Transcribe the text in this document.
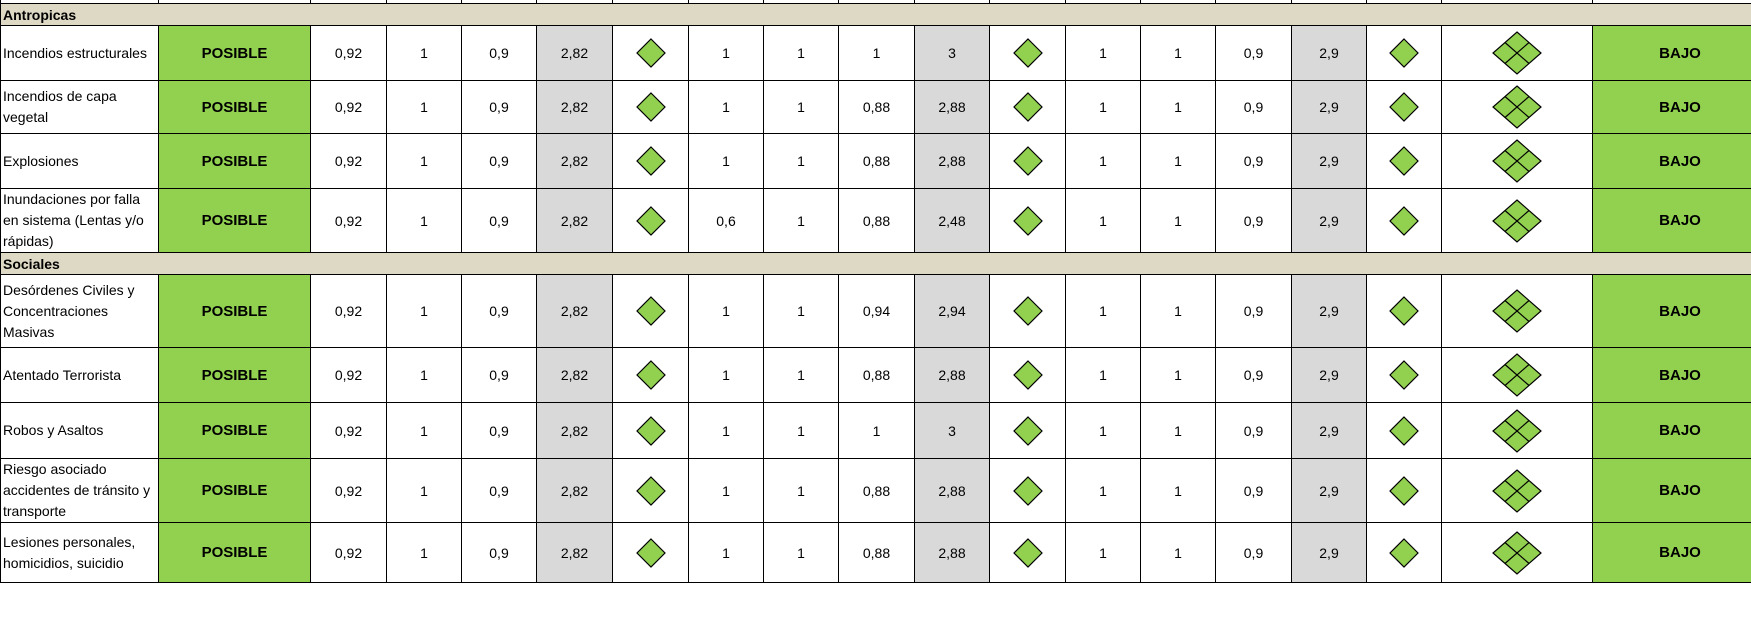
Antropicas																		
Incendios estructurales	POSIBLE	0,92	1	0,9	2,82		1	1	1	3		1	1	0,9	2,9			BAJO
Incendios de capa vegetal	POSIBLE	0,92	1	0,9	2,82		1	1	0,88	2,88		1	1	0,9	2,9			BAJO
Explosiones	POSIBLE	0,92	1	0,9	2,82		1	1	0,88	2,88		1	1	0,9	2,9			BAJO
Inundaciones por falla en sistema (Lentas y/o rápidas)	POSIBLE	0,92	1	0,9	2,82		0,6	1	0,88	2,48		1	1	0,9	2,9			BAJO
Sociales																		
Desórdenes Civiles y Concentraciones Masivas	POSIBLE	0,92	1	0,9	2,82		1	1	0,94	2,94		1	1	0,9	2,9			BAJO
Atentado Terrorista	POSIBLE	0,92	1	0,9	2,82		1	1	0,88	2,88		1	1	0,9	2,9			BAJO
Robos y Asaltos	POSIBLE	0,92	1	0,9	2,82		1	1	1	3		1	1	0,9	2,9			BAJO
Riesgo asociado accidentes de tránsito y transporte	POSIBLE	0,92	1	0,9	2,82		1	1	0,88	2,88		1	1	0,9	2,9			BAJO
Lesiones personales, homicidios, suicidio	POSIBLE	0,92	1	0,9	2,82		1	1	0,88	2,88		1	1	0,9	2,9			BAJO
